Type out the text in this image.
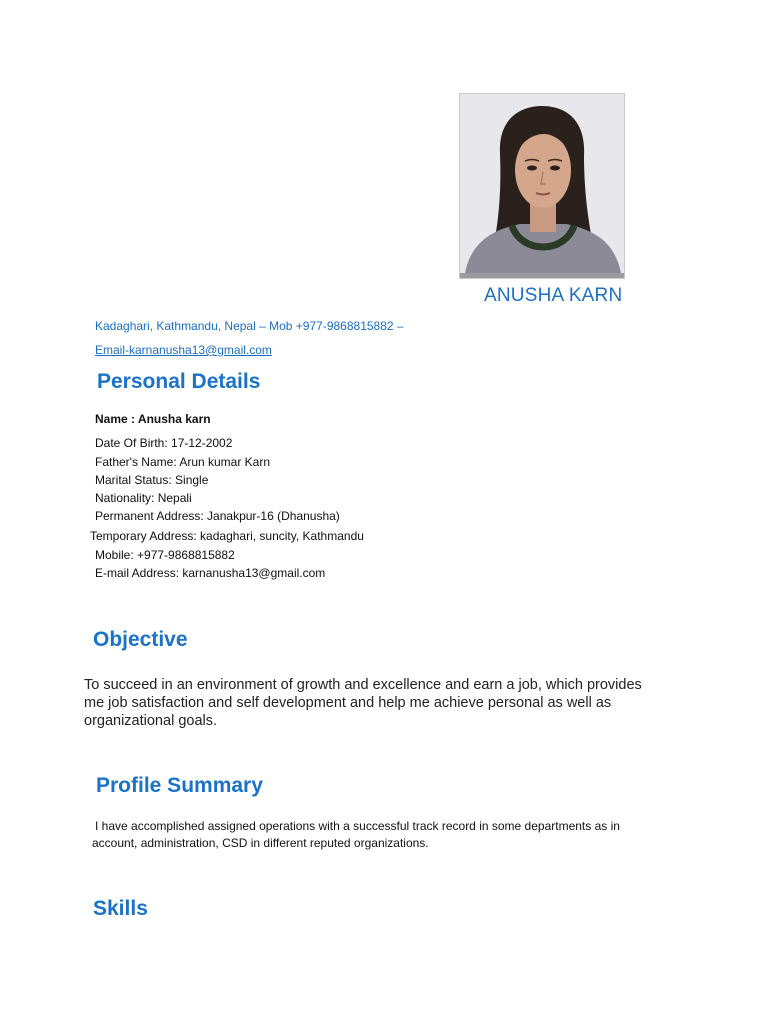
ANUSHA KARN
Kadaghari, Kathmandu, Nepal – Mob +977-9868815882 –
Email-karnanusha13@gmail.com
Personal Details
Name : Anusha karn
Date Of Birth: 17-12-2002
Father's Name: Arun kumar Karn
Marital Status: Single
Nationality: Nepali
Permanent Address: Janakpur-16 (Dhanusha)
Temporary Address: kadaghari, suncity, Kathmandu
Mobile: +977-9868815882
E-mail Address: karnanusha13@gmail.com
Objective
To succeed in an environment of growth and excellence and earn a job, which provides
me job satisfaction and self development and help me achieve personal as well as
organizational goals.
Profile Summary
I have accomplished assigned operations with a successful track record in some departments as in
account, administration, CSD in different reputed organizations.
Skills
